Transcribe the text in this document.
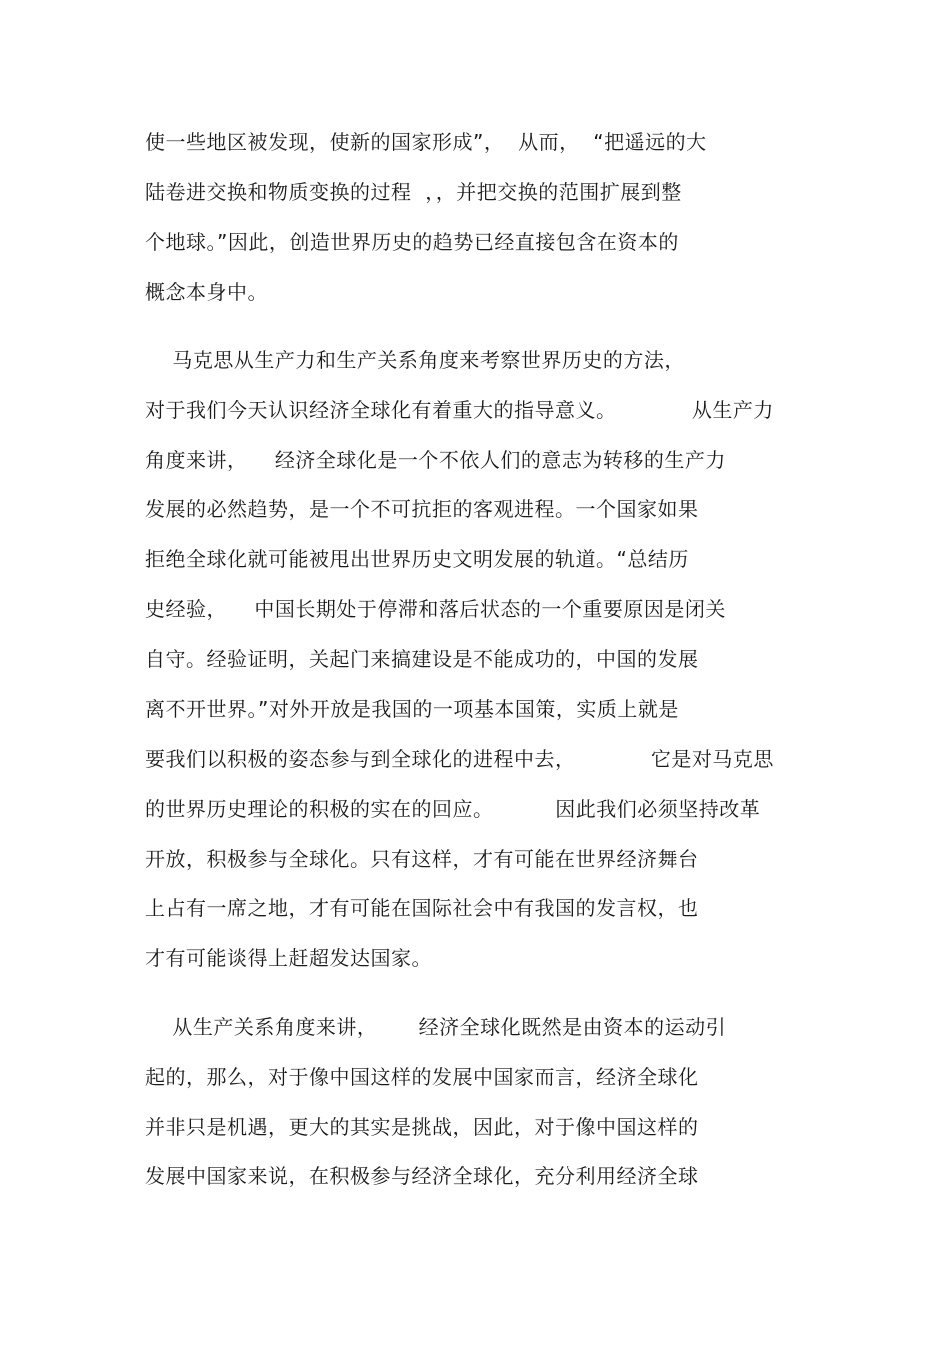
使一些地区被发现，使新的国家形成”，  从而，  “把遥远的大
陆卷进交换和物质变换的过程  ，，并把交换的范围扩展到整
个地球。”因此，创造世界历史的趋势已经直接包含在资本的
概念本身中。
马克思从生产力和生产关系角度来考察世界历史的方法，
对于我们今天认识经济全球化有着重大的指导意义。           从生产力
角度来讲，    经济全球化是一个不依人们的意志为转移的生产力
发展的必然趋势，是一个不可抗拒的客观进程。一个国家如果
拒绝全球化就可能被甩出世界历史文明发展的轨道。“总结历
史经验，    中国长期处于停滞和落后状态的一个重要原因是闭关
自守。经验证明，关起门来搞建设是不能成功的，中国的发展
离不开世界。”对外开放是我国的一项基本国策，实质上就是
要我们以积极的姿态参与到全球化的进程中去，           它是对马克思
的世界历史理论的积极的实在的回应。         因此我们必须坚持改革
开放，积极参与全球化。只有这样，才有可能在世界经济舞台
上占有一席之地，才有可能在国际社会中有我国的发言权，也
才有可能谈得上赶超发达国家。
从生产关系角度来讲，      经济全球化既然是由资本的运动引
起的，那么，对于像中国这样的发展中国家而言，经济全球化
并非只是机遇，更大的其实是挑战，因此，对于像中国这样的
发展中国家来说，在积极参与经济全球化，充分利用经济全球
